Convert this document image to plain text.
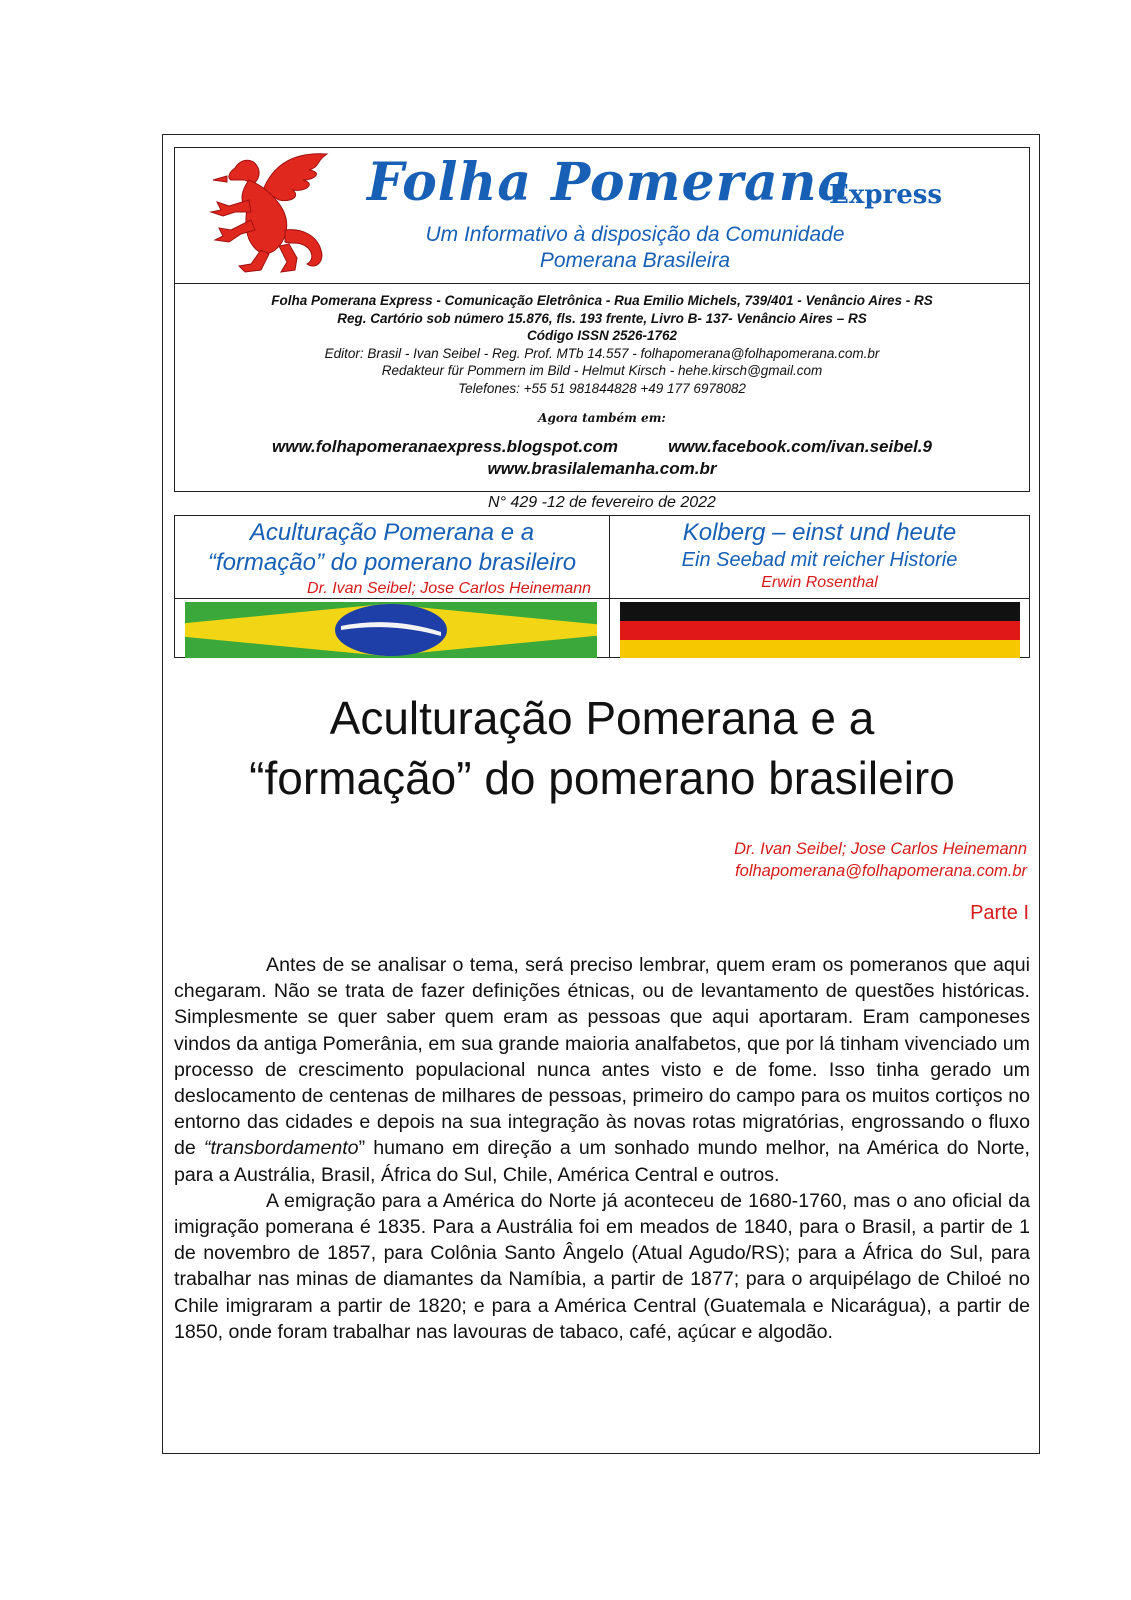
Folha Pomerana
Express
Um Informativo à disposição da Comunidade
Pomerana Brasileira
Folha Pomerana Express - Comunicação Eletrônica - Rua Emilio Michels, 739/401 - Venâncio Aires - RS
Reg. Cartório sob número 15.876, fls. 193 frente, Livro B- 137- Venâncio Aires – RS
Código ISSN 2526-1762
Editor: Brasil - Ivan Seibel - Reg. Prof. MTb 14.557 - folhapomerana@folhapomerana.com.br
Redakteur für Pommern im Bild - Helmut Kirsch - hehe.kirsch@gmail.com
Telefones: +55 51 981844828 +49 177 6978082
Agora também em:
www.folhapomeranaexpress.blogspot.com	www.facebook.com/ivan.seibel.9
www.brasilalemanha.com.br
N° 429 -12 de fevereiro de 2022
Aculturação Pomerana e a
“formação” do pomerano brasileiro
Dr. Ivan Seibel; Jose Carlos Heinemann
Kolberg – einst und heute
Ein Seebad mit reicher Historie
Erwin Rosenthal
Aculturação Pomerana e a
“formação” do pomerano brasileiro
Dr. Ivan Seibel; Jose Carlos Heinemann
folhapomerana@folhapomerana.com.br
Parte I

Antes de se analisar o tema, será preciso lembrar, quem eram os pomeranos que aqui chegaram. Não se trata de fazer definições étnicas, ou de levantamento de questões históricas. Simplesmente se quer saber quem eram as pessoas que aqui aportaram. Eram camponeses vindos da antiga Pomerânia, em sua grande maioria analfabetos, que por lá tinham vivenciado um processo de crescimento populacional nunca antes visto e de fome. Isso tinha gerado um deslocamento de centenas de milhares de pessoas, primeiro do campo para os muitos cortiços no entorno das cidades e depois na sua integração às novas rotas migratórias, engrossando o fluxo de “transbordamento” humano em direção a um sonhado mundo melhor, na América do Norte, para a Austrália, Brasil, África do Sul, Chile, América Central e outros.

A emigração para a América do Norte já aconteceu de 1680-1760, mas o ano oficial da imigração pomerana é 1835. Para a Austrália foi em meados de 1840, para o Brasil, a partir de 1 de novembro de 1857, para Colônia Santo Ângelo (Atual Agudo/RS); para a África do Sul, para trabalhar nas minas de diamantes da Namíbia, a partir de 1877; para o arquipélago de Chiloé no Chile imigraram a partir de 1820; e para a América Central (Guatemala e Nicarágua), a partir de 1850, onde foram trabalhar nas lavouras de tabaco, café, açúcar e algodão.
